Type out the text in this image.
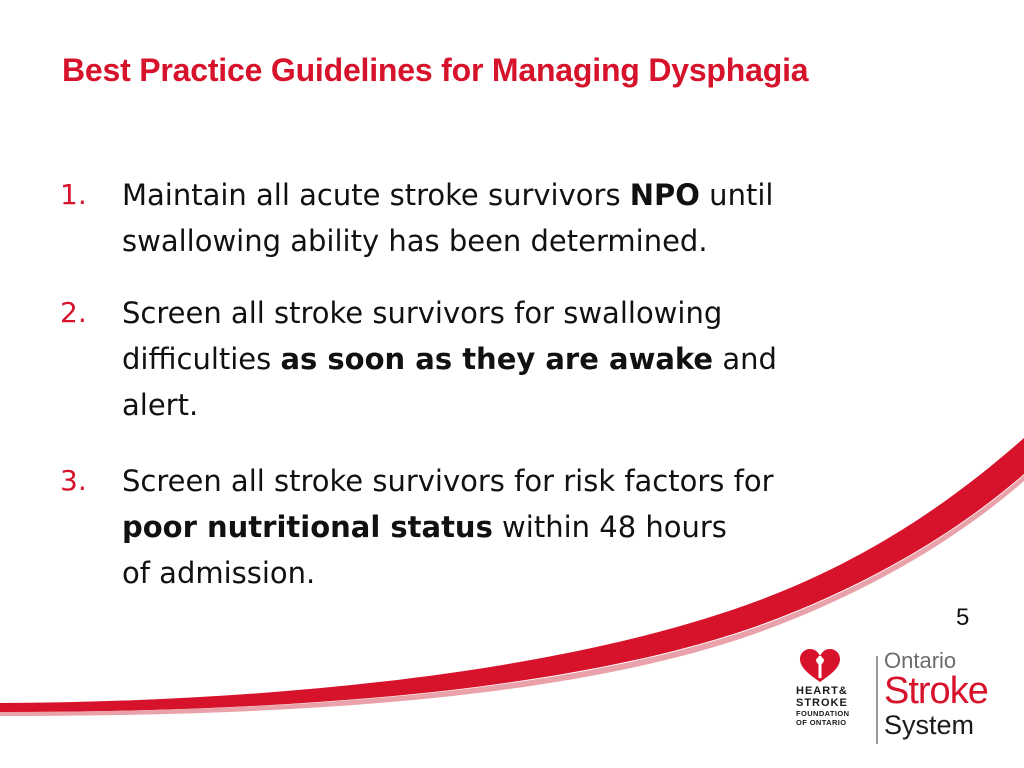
Best Practice Guidelines for Managing Dysphagia
1. Maintain all acute stroke survivors NPO until
swallowing ability has been determined.
2. Screen all stroke survivors for swallowing
difficulties as soon as they are awake and
alert.
3. Screen all stroke survivors for risk factors for
poor nutritional status within 48 hours
of admission.
5
HEART&
STROKE
FOUNDATION
OF ONTARIO
Ontario
Stroke
System
